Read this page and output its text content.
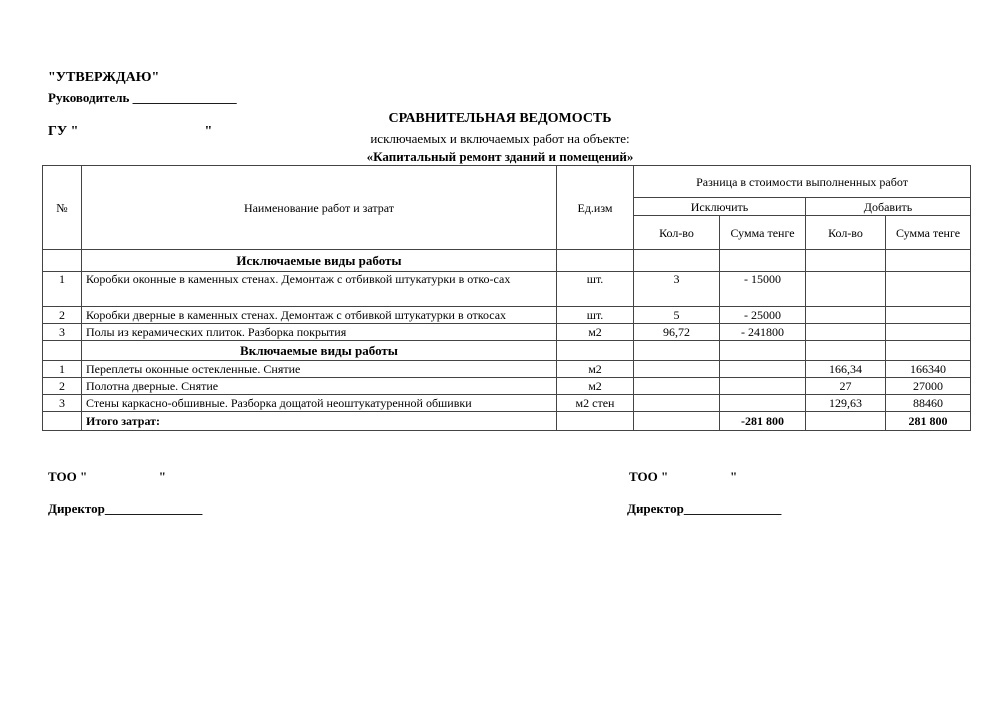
"УТВЕРЖДАЮ"

ГУ "                                    "

Руководитель ________________
СРАВНИТЕЛЬНАЯ ВЕДОМОСТЬ
исключаемых и включаемых работ на объекте:
«Капитальный ремонт зданий и помещений»
№	Наименование работ и затрат	Ед.изм	Разница в стоимости выполненных работ			
			Исключить		Добавить	
			Кол-во	Сумма тенге	Кол-во	Сумма тенге
	Исключаемые виды работы					
1	Коробки оконные в каменных стенах. Демонтаж с отбивкой штукатурки в отко-сах	шт.	3	- 15000		
2	Коробки дверные в каменных стенах. Демонтаж с отбивкой штукатурки в откосах	шт.	5	- 25000		
3	Полы из керамических плиток. Разборка покрытия	м2	96,72	- 241800		
	Включаемые виды работы					
1	Переплеты оконные остекленные. Снятие	м2			166,34	166340
2	Полотна дверные. Снятие	м2			27	27000
3	Стены каркасно-обшивные. Разборка дощатой неоштукатуренной обшивки	м2 стен			129,63	88460
	Итого затрат:			-281 800		281 800
ТОО "                      "
Директор_______________
ТОО "                   "
Директор_______________
